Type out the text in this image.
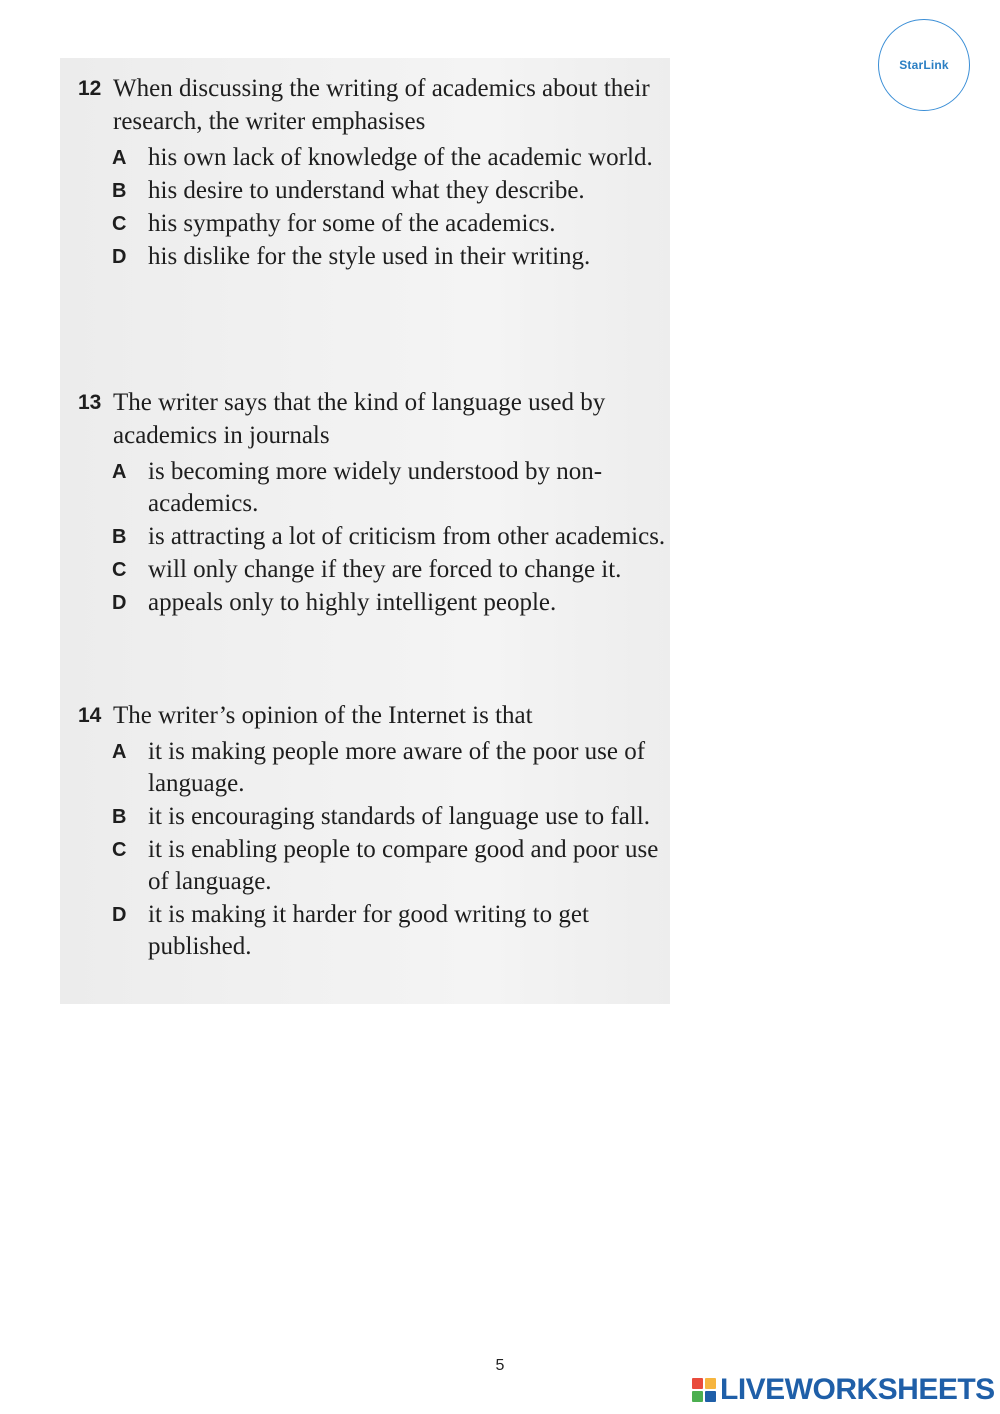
12 When discussing the writing of academics about their research, the writer emphasises
A his own lack of knowledge of the academic world.
B his desire to understand what they describe.
C his sympathy for some of the academics.
D his dislike for the style used in their writing.
13 The writer says that the kind of language used by academics in journals
A is becoming more widely understood by non-academics.
B is attracting a lot of criticism from other academics.
C will only change if they are forced to change it.
D appeals only to highly intelligent people.
14 The writer’s opinion of the Internet is that
A it is making people more aware of the poor use of language.
B it is encouraging standards of language use to fall.
C it is enabling people to compare good and poor use of language.
D it is making it harder for good writing to get published.
StarLink
5
LIVEWORKSHEETS
